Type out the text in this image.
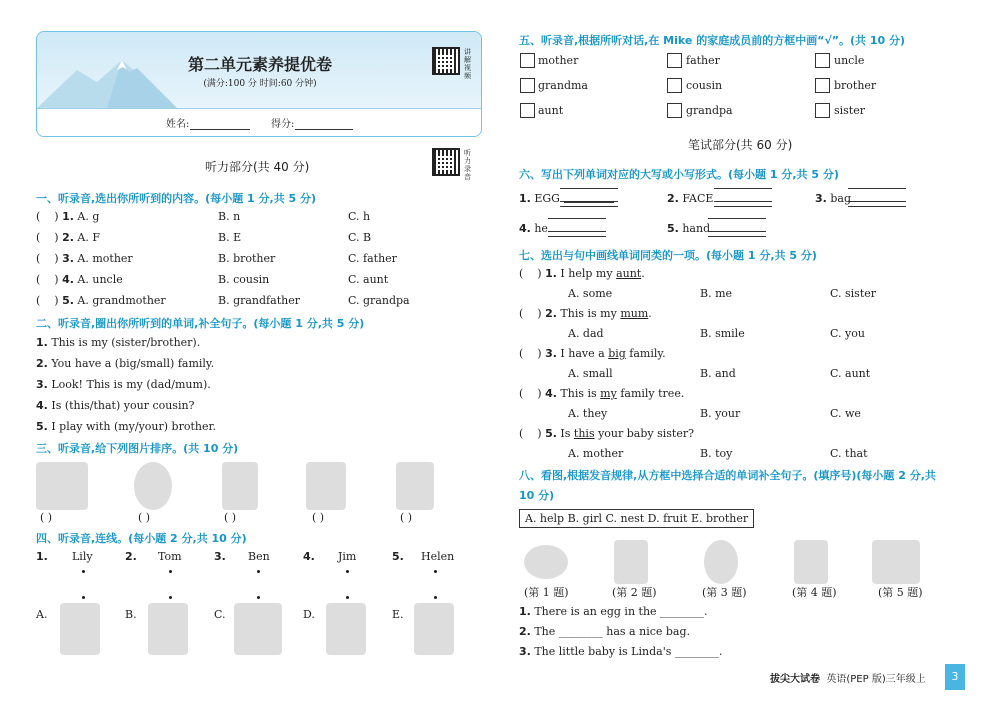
第二单元素养提优卷
(满分:100 分 时间:60 分钟)
讲解视频
姓名:	得分:
听力部分(共 40 分)
听力录音
一、听录音,选出你所听到的内容。(每小题 1 分,共 5 分)
(    ) 1. A. g	B. n	C. h
(    ) 2. A. F	B. E	C. B
(    ) 3. A. mother	B. brother	C. father
(    ) 4. A. uncle	B. cousin	C. aunt
(    ) 5. A. grandmother	B. grandfather	C. grandpa
二、听录音,圈出你所听到的单词,补全句子。(每小题 1 分,共 5 分)
1. This is my (sister/brother).
2. You have a (big/small) family.
3. Look! This is my (dad/mum).
4. Is (this/that) your cousin?
5. I play with (my/your) brother.
三、听录音,给下列图片排序。(共 10 分)
( )	( )	( )	( )	( )
四、听录音,连线。(每小题 2 分,共 10 分)
1. Lily	2. Tom	3. Ben	4. Jim	5. Helen
A.	B.	C.	D.	E.
五、听录音,根据所听对话,在 Mike 的家庭成员前的方框中画“√”。(共 10 分)
mother	father	uncle
grandma	cousin	brother
aunt	grandpa	sister
笔试部分(共 60 分)
六、写出下列单词对应的大写或小写形式。(每小题 1 分,共 5 分)
1. EGG	2. FACE	3. bag
4. he	5. hand
七、选出与句中画线单词同类的一项。(每小题 1 分,共 5 分)
(    ) 1. I help my aunt.
A. some	B. me	C. sister
(    ) 2. This is my mum.
A. dad	B. smile	C. you
(    ) 3. I have a big family.
A. small	B. and	C. aunt
(    ) 4. This is my family tree.
A. they	B. your	C. we
(    ) 5. Is this your baby sister?
A. mother	B. toy	C. that
八、看图,根据发音规律,从方框中选择合适的单词补全句子。(填序号)(每小题 2 分,共
10 分)
A. help B. girl C. nest D. fruit E. brother
(第 1 题)	(第 2 题)	(第 3 题)	(第 4 题)	(第 5 题)
1. There is an egg in the ________.
2. The ________ has a nice bag.
3. The little baby is Linda's ________.
拔尖大试卷 英语(PEP 版)三年级上	3
